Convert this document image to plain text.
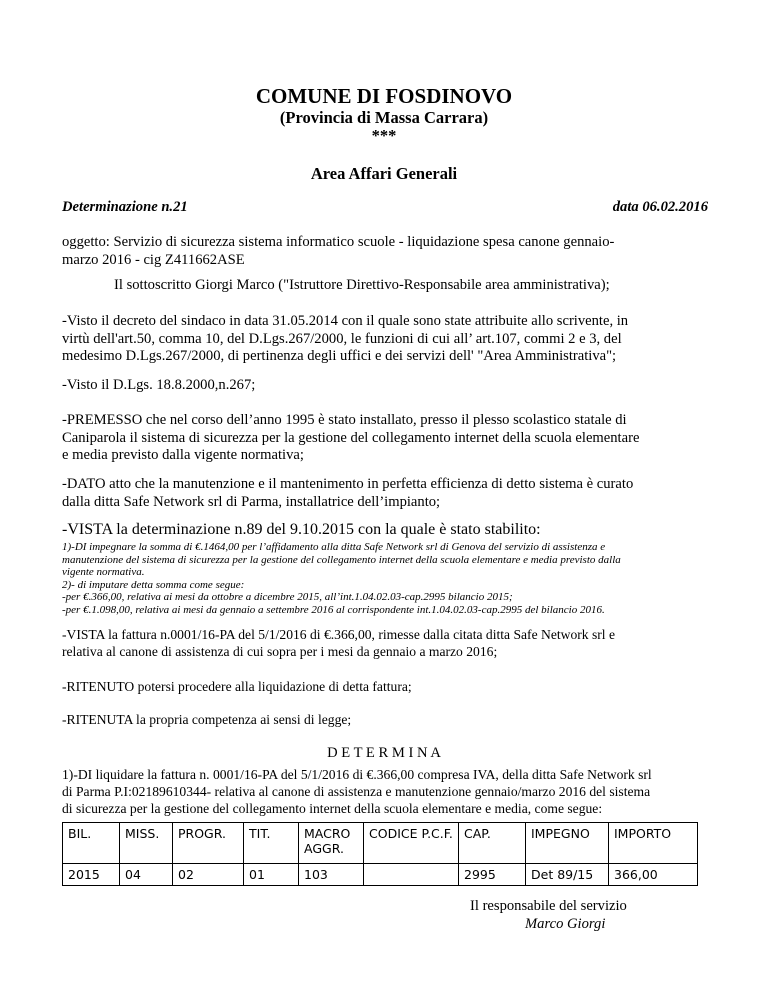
COMUNE DI FOSDINOVO
(Provincia di Massa Carrara)
***
Area Affari Generali
Determinazione n.21	data 06.02.2016
oggetto: Servizio di sicurezza sistema informatico scuole - liquidazione spesa canone gennaio-
marzo 2016 - cig Z411662ASE
Il sottoscritto Giorgi Marco ("Istruttore Direttivo-Responsabile area amministrativa);
-Visto il decreto del sindaco in data 31.05.2014 con il quale sono state attribuite allo scrivente, in
virtù dell'art.50, comma 10, del D.Lgs.267/2000, le funzioni di cui all’ art.107, commi 2 e 3, del
medesimo D.Lgs.267/2000, di pertinenza degli uffici e dei servizi dell' "Area Amministrativa";
-Visto il D.Lgs. 18.8.2000,n.267;
-PREMESSO che nel corso dell’anno 1995 è stato installato, presso il plesso scolastico statale di
Caniparola il sistema di sicurezza per la gestione del collegamento internet della scuola elementare
e media previsto dalla vigente normativa;
-DATO atto che la manutenzione e il mantenimento in perfetta efficienza di detto sistema è curato
dalla ditta Safe Network srl di Parma, installatrice dell’impianto;
-VISTA la determinazione n.89 del 9.10.2015 con la quale è stato stabilito:
1)-DI impegnare la somma di €.1464,00 per l’affidamento alla ditta Safe Network srl di Genova del servizio di assistenza e
manutenzione del sistema di sicurezza per la gestione del collegamento internet della scuola elementare e media previsto dalla
vigente normativa.
2)- di imputare detta somma come segue:
-per €.366,00, relativa ai mesi da ottobre a dicembre 2015, all’int.1.04.02.03-cap.2995 bilancio 2015;
-per €.1.098,00, relativa ai mesi da gennaio a settembre 2016 al corrispondente int.1.04.02.03-cap.2995 del bilancio 2016.
-VISTA la fattura n.0001/16-PA del 5/1/2016 di €.366,00, rimesse dalla citata ditta Safe Network srl e
relativa al canone di assistenza di cui sopra per i mesi da gennaio a marzo 2016;
-RITENUTO potersi procedere alla liquidazione di detta fattura;
-RITENUTA la propria competenza ai sensi di legge;
D E T E R M I N A
1)-DI liquidare la fattura n. 0001/16-PA del 5/1/2016 di €.366,00 compresa IVA, della ditta Safe Network srl
di Parma P.I:02189610344- relativa al canone di assistenza e manutenzione gennaio/marzo 2016 del sistema
di sicurezza per la gestione del collegamento internet della scuola elementare e media, come segue:
BIL.	MISS.	PROGR.	TIT.	MACRO AGGR.	CODICE P.C.F.	CAP.	IMPEGNO	IMPORTO
2015	04	02	01	103		2995	Det 89/15	366,00
Il responsabile del servizio
Marco Giorgi
